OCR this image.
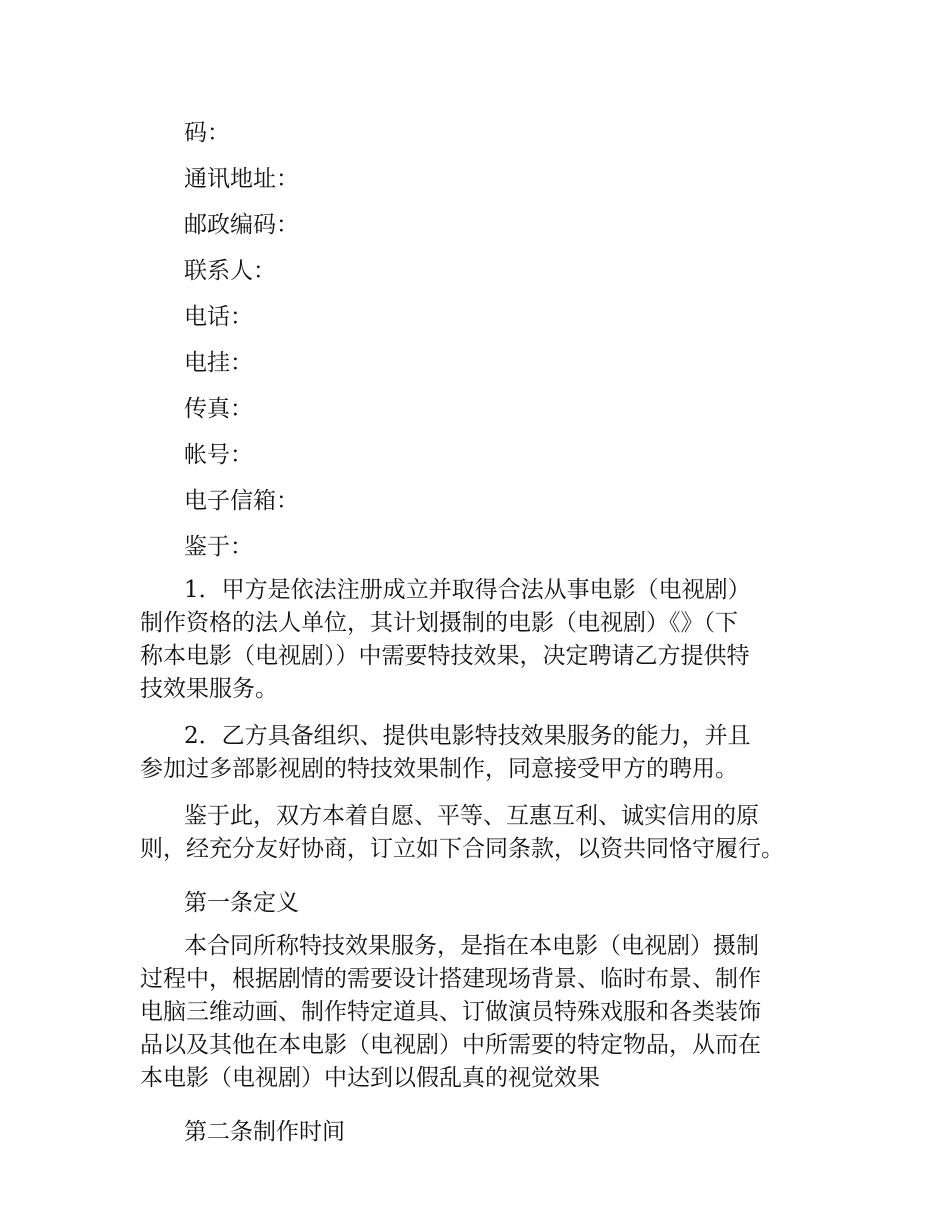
码：
通讯地址：
邮政编码：
联系人：
电话：
电挂：
传真：
帐号：
电子信箱：
鉴于：
1．甲方是依法注册成立并取得合法从事电影（电视剧）
制作资格的法人单位，其计划摄制的电影（电视剧）《》（下
称本电影（电视剧））中需要特技效果，决定聘请乙方提供特
技效果服务。
2．乙方具备组织、提供电影特技效果服务的能力，并且
参加过多部影视剧的特技效果制作，同意接受甲方的聘用。
鉴于此，双方本着自愿、平等、互惠互利、诚实信用的原
则，经充分友好协商，订立如下合同条款，以资共同恪守履行。
第一条定义
本合同所称特技效果服务，是指在本电影（电视剧）摄制
过程中，根据剧情的需要设计搭建现场背景、临时布景、制作
电脑三维动画、制作特定道具、订做演员特殊戏服和各类装饰
品以及其他在本电影（电视剧）中所需要的特定物品，从而在
本电影（电视剧）中达到以假乱真的视觉效果
第二条制作时间
